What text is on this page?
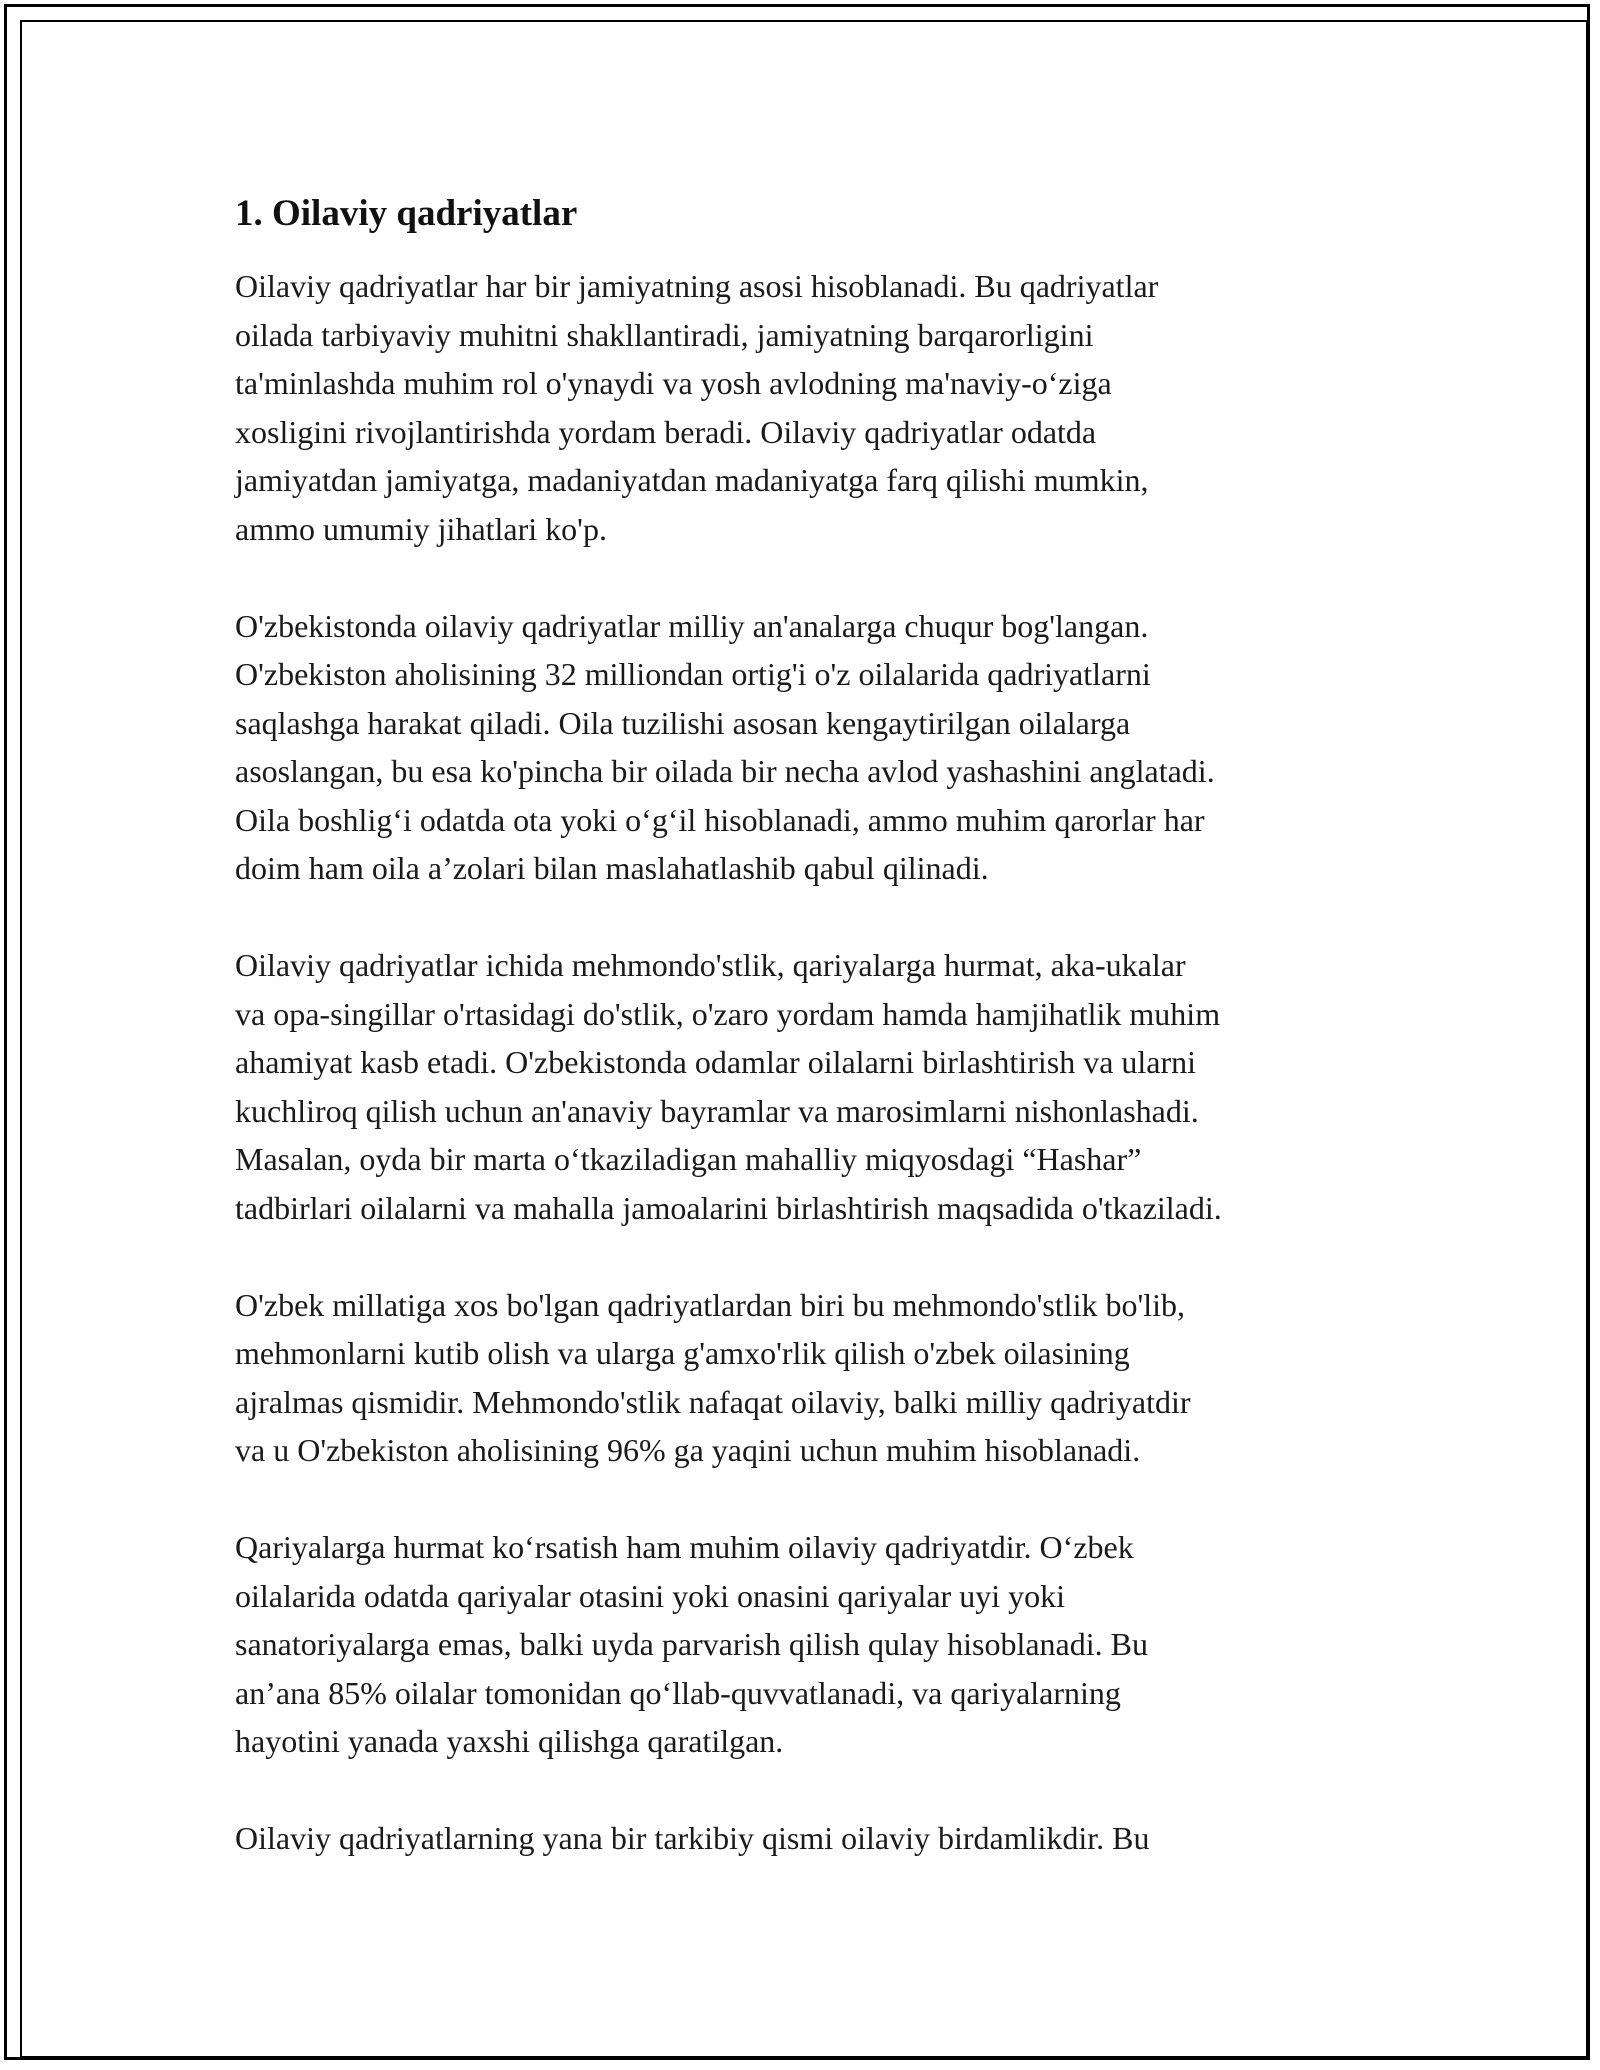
1. Oilaviy qadriyatlar
Oilaviy qadriyatlar har bir jamiyatning asosi hisoblanadi. Bu qadriyatlar
oilada tarbiyaviy muhitni shakllantiradi, jamiyatning barqarorligini
ta'minlashda muhim rol o'ynaydi va yosh avlodning ma'naviy-o‘ziga
xosligini rivojlantirishda yordam beradi. Oilaviy qadriyatlar odatda
jamiyatdan jamiyatga, madaniyatdan madaniyatga farq qilishi mumkin,
ammo umumiy jihatlari ko'p.
O'zbekistonda oilaviy qadriyatlar milliy an'analarga chuqur bog'langan.
O'zbekiston aholisining 32 milliondan ortig'i o'z oilalarida qadriyatlarni
saqlashga harakat qiladi. Oila tuzilishi asosan kengaytirilgan oilalarga
asoslangan, bu esa ko'pincha bir oilada bir necha avlod yashashini anglatadi.
Oila boshlig‘i odatda ota yoki o‘g‘il hisoblanadi, ammo muhim qarorlar har
doim ham oila a’zolari bilan maslahatlashib qabul qilinadi.
Oilaviy qadriyatlar ichida mehmondo'stlik, qariyalarga hurmat, aka-ukalar
va opa-singillar o'rtasidagi do'stlik, o'zaro yordam hamda hamjihatlik muhim
ahamiyat kasb etadi. O'zbekistonda odamlar oilalarni birlashtirish va ularni
kuchliroq qilish uchun an'anaviy bayramlar va marosimlarni nishonlashadi.
Masalan, oyda bir marta o‘tkaziladigan mahalliy miqyosdagi “Hashar”
tadbirlari oilalarni va mahalla jamoalarini birlashtirish maqsadida o'tkaziladi.
O'zbek millatiga xos bo'lgan qadriyatlardan biri bu mehmondo'stlik bo'lib,
mehmonlarni kutib olish va ularga g'amxo'rlik qilish o'zbek oilasining
ajralmas qismidir. Mehmondo'stlik nafaqat oilaviy, balki milliy qadriyatdir
va u O'zbekiston aholisining 96% ga yaqini uchun muhim hisoblanadi.
Qariyalarga hurmat ko‘rsatish ham muhim oilaviy qadriyatdir. O‘zbek
oilalarida odatda qariyalar otasini yoki onasini qariyalar uyi yoki
sanatoriyalarga emas, balki uyda parvarish qilish qulay hisoblanadi. Bu
an’ana 85% oilalar tomonidan qo‘llab-quvvatlanadi, va qariyalarning
hayotini yanada yaxshi qilishga qaratilgan.
Oilaviy qadriyatlarning yana bir tarkibiy qismi oilaviy birdamlikdir. Bu
